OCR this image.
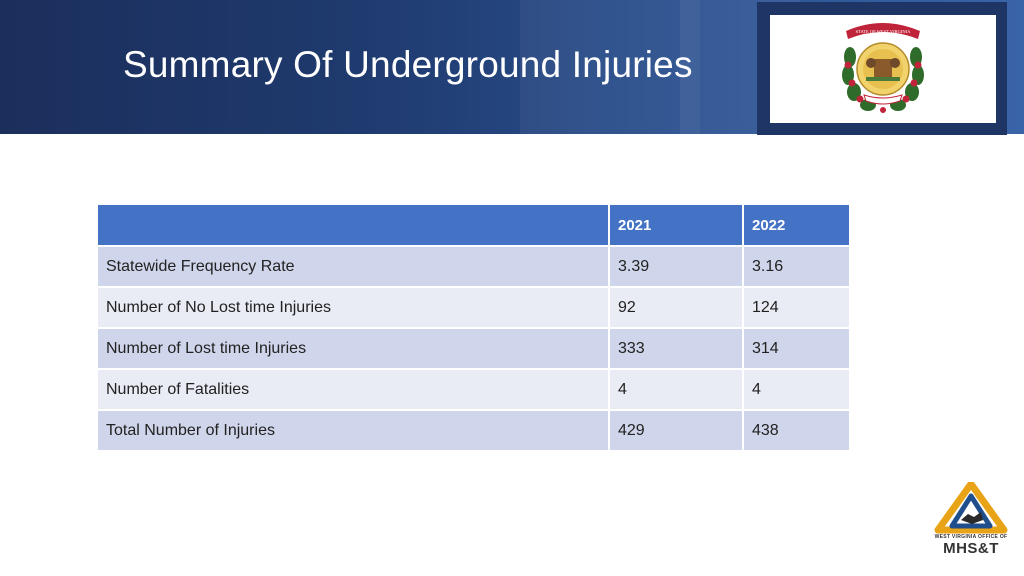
Summary Of Underground Injuries
STATE OF WEST VIRGINIA
	2021	2022
Statewide Frequency Rate	3.39	3.16
Number of No Lost time Injuries	92	124
Number of Lost time Injuries	333	314
Number of Fatalities	4	4
Total Number of Injuries	429	438
WEST VIRGINIA OFFICE OF
MHS&T
